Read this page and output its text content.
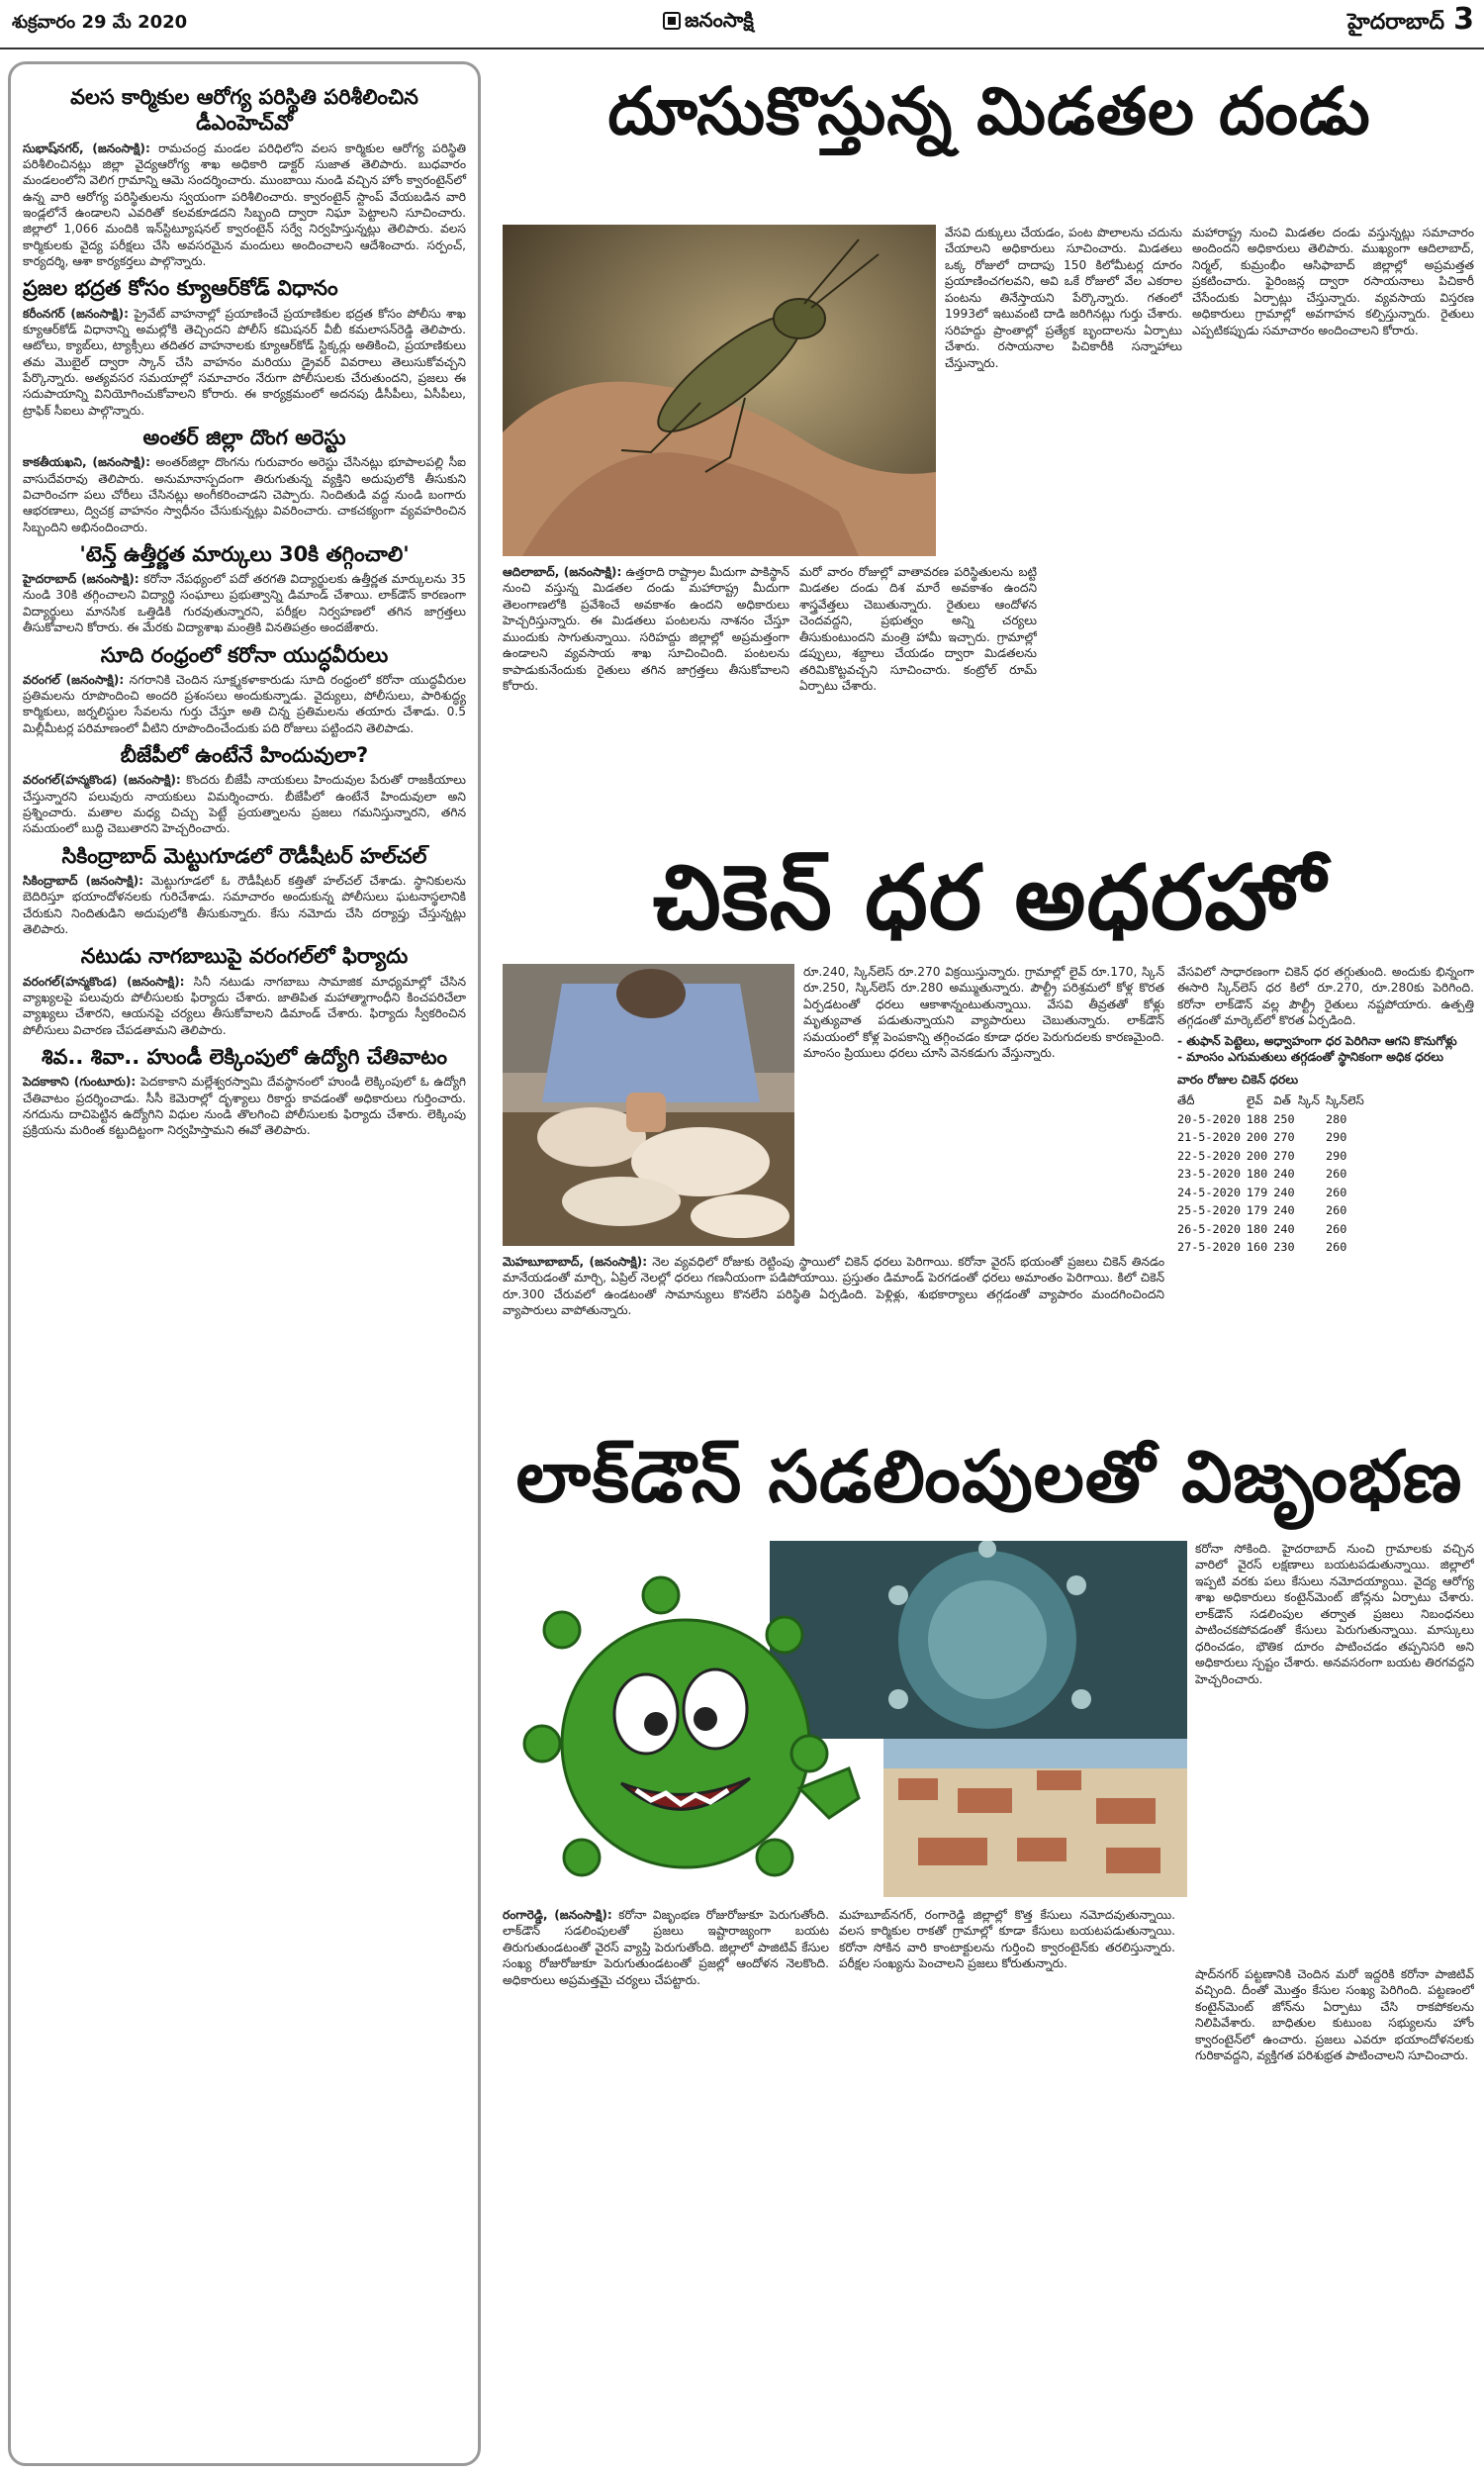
శుక్రవారం 29 మే 2020	జనంసాక్షి	హైదరాబాద్ 3
వలస కార్మికుల ఆరోగ్య పరిస్థితి పరిశీలించిన డీఎంహెచ్‌వో
సుభాష్‌నగర్, (జనంసాక్షి): రామచంద్ర మండల పరిధిలోని వలస కార్మికుల ఆరోగ్య పరిస్థితి పరిశీలించినట్లు జిల్లా వైద్యఆరోగ్య శాఖ అధికారి డాక్టర్ సుజాత తెలిపారు. బుధవారం మండలంలోని వెలిగ గ్రామాన్ని ఆమె సందర్శించారు. ముంబాయి నుండి వచ్చిన హోం క్వారంటైన్‌లో ఉన్న వారి ఆరోగ్య పరిస్థితులను స్వయంగా పరిశీలించారు. క్వారంటైన్ స్టాంప్ వేయబడిన వారి ఇండ్లలోనే ఉండాలని ఎవరితో కలవకూడదని సిబ్బంది ద్వారా నిఘా పెట్టాలని సూచించారు. జిల్లాలో 1,066 మందికి ఇన్‌స్టిట్యూషనల్ క్వారంటైన్ సర్వే నిర్వహిస్తున్నట్లు తెలిపారు. వలస కార్మికులకు వైద్య పరీక్షలు చేసి అవసరమైన మందులు అందించాలని ఆదేశించారు. సర్పంచ్, కార్యదర్శి, ఆశా కార్యకర్తలు పాల్గొన్నారు.
ప్రజల భద్రత కోసం క్యూఆర్‌కోడ్ విధానం
కరీంనగర్ (జనంసాక్షి): ప్రైవేట్ వాహనాల్లో ప్రయాణించే ప్రయాణికుల భద్రత కోసం పోలీసు శాఖ క్యూఆర్‌కోడ్ విధానాన్ని అమల్లోకి తెచ్చిందని పోలీస్ కమిషనర్ వీబీ కమలాసన్‌రెడ్డి తెలిపారు. ఆటోలు, క్యాబ్‌లు, ట్యాక్సీలు తదితర వాహనాలకు క్యూఆర్‌కోడ్ స్టిక్కర్లు అతికించి, ప్రయాణికులు తమ మొబైల్ ద్వారా స్కాన్ చేసి వాహనం మరియు డ్రైవర్ వివరాలు తెలుసుకోవచ్చని పేర్కొన్నారు. అత్యవసర సమయాల్లో సమాచారం నేరుగా పోలీసులకు చేరుతుందని, ప్రజలు ఈ సదుపాయాన్ని వినియోగించుకోవాలని కోరారు. ఈ కార్యక్రమంలో అదనపు డీసీపీలు, ఏసీపీలు, ట్రాఫిక్ సీఐలు పాల్గొన్నారు.
అంతర్ జిల్లా దొంగ అరెస్టు
కాకతీయఖని, (జనంసాక్షి): అంతర్‌జిల్లా దొంగను గురువారం అరెస్టు చేసినట్లు భూపాలపల్లి సీఐ వాసుదేవరావు తెలిపారు. అనుమానాస్పదంగా తిరుగుతున్న వ్యక్తిని అదుపులోకి తీసుకుని విచారించగా పలు చోరీలు చేసినట్లు అంగీకరించాడని చెప్పారు. నిందితుడి వద్ద నుండి బంగారు ఆభరణాలు, ద్విచక్ర వాహనం స్వాధీనం చేసుకున్నట్లు వివరించారు. చాకచక్యంగా వ్యవహరించిన సిబ్బందిని అభినందించారు.
'టెన్త్ ఉత్తీర్ణత మార్కులు 30కి తగ్గించాలి'
హైదరాబాద్ (జనంసాక్షి): కరోనా నేపథ్యంలో పదో తరగతి విద్యార్థులకు ఉత్తీర్ణత మార్కులను 35 నుండి 30కి తగ్గించాలని విద్యార్థి సంఘాలు ప్రభుత్వాన్ని డిమాండ్ చేశాయి. లాక్‌డౌన్ కారణంగా విద్యార్థులు మానసిక ఒత్తిడికి గురవుతున్నారని, పరీక్షల నిర్వహణలో తగిన జాగ్రత్తలు తీసుకోవాలని కోరారు. ఈ మేరకు విద్యాశాఖ మంత్రికి వినతిపత్రం అందజేశారు.
సూది రంధ్రంలో కరోనా యుద్ధవీరులు
వరంగల్ (జనంసాక్షి): నగరానికి చెందిన సూక్ష్మకళాకారుడు సూది రంధ్రంలో కరోనా యుద్ధవీరుల ప్రతిమలను రూపొందించి అందరి ప్రశంసలు అందుకున్నాడు. వైద్యులు, పోలీసులు, పారిశుద్ధ్య కార్మికులు, జర్నలిస్టుల సేవలను గుర్తు చేస్తూ అతి చిన్న ప్రతిమలను తయారు చేశాడు. 0.5 మిల్లీమీటర్ల పరిమాణంలో వీటిని రూపొందించేందుకు పది రోజులు పట్టిందని తెలిపాడు.
బీజేపీలో ఉంటేనే హిందువులా?
వరంగల్(హన్మకొండ) (జనంసాక్షి): కొందరు బీజేపీ నాయకులు హిందువుల పేరుతో రాజకీయాలు చేస్తున్నారని పలువురు నాయకులు విమర్శించారు. బీజేపీలో ఉంటేనే హిందువులా అని ప్రశ్నించారు. మతాల మధ్య చిచ్చు పెట్టే ప్రయత్నాలను ప్రజలు గమనిస్తున్నారని, తగిన సమయంలో బుద్ధి చెబుతారని హెచ్చరించారు.
సికింద్రాబాద్ మెట్టుగూడలో రౌడీషీటర్ హల్‌చల్
సికింద్రాబాద్ (జనంసాక్షి): మెట్టుగూడలో ఓ రౌడీషీటర్ కత్తితో హల్‌చల్ చేశాడు. స్థానికులను బెదిరిస్తూ భయాందోళనలకు గురిచేశాడు. సమాచారం అందుకున్న పోలీసులు ఘటనాస్థలానికి చేరుకుని నిందితుడిని అదుపులోకి తీసుకున్నారు. కేసు నమోదు చేసి దర్యాప్తు చేస్తున్నట్లు తెలిపారు.
నటుడు నాగబాబుపై వరంగల్‌లో ఫిర్యాదు
వరంగల్(హన్మకొండ) (జనంసాక్షి): సినీ నటుడు నాగబాబు సామాజిక మాధ్యమాల్లో చేసిన వ్యాఖ్యలపై పలువురు పోలీసులకు ఫిర్యాదు చేశారు. జాతిపిత మహాత్మాగాంధీని కించపరిచేలా వ్యాఖ్యలు చేశారని, ఆయనపై చర్యలు తీసుకోవాలని డిమాండ్ చేశారు. ఫిర్యాదు స్వీకరించిన పోలీసులు విచారణ చేపడతామని తెలిపారు.
శివ.. శివా.. హుండీ లెక్కింపులో ఉద్యోగి చేతివాటం
పెదకాకాని (గుంటూరు): పెదకాకాని మల్లేశ్వరస్వామి దేవస్థానంలో హుండీ లెక్కింపులో ఓ ఉద్యోగి చేతివాటం ప్రదర్శించాడు. సీసీ కెమెరాల్లో దృశ్యాలు రికార్డు కావడంతో అధికారులు గుర్తించారు. నగదును దాచిపెట్టిన ఉద్యోగిని విధుల నుండి తొలగించి పోలీసులకు ఫిర్యాదు చేశారు. లెక్కింపు ప్రక్రియను మరింత కట్టుదిట్టంగా నిర్వహిస్తామని ఈవో తెలిపారు.
దూసుకొస్తున్న మిడతల దండు
ఆదిలాబాద్, (జనంసాక్షి): ఉత్తరాది రాష్ట్రాల మీదుగా పాకిస్థాన్ నుంచి వస్తున్న మిడతల దండు మహారాష్ట్ర మీదుగా తెలంగాణలోకి ప్రవేశించే అవకాశం ఉందని అధికారులు హెచ్చరిస్తున్నారు. ఈ మిడతలు పంటలను నాశనం చేస్తూ ముందుకు సాగుతున్నాయి. సరిహద్దు జిల్లాల్లో అప్రమత్తంగా ఉండాలని వ్యవసాయ శాఖ సూచించింది. పంటలను కాపాడుకునేందుకు రైతులు తగిన జాగ్రత్తలు తీసుకోవాలని కోరారు.
మరో వారం రోజుల్లో వాతావరణ పరిస్థితులను బట్టి మిడతల దండు దిశ మారే అవకాశం ఉందని శాస్త్రవేత్తలు చెబుతున్నారు. రైతులు ఆందోళన చెందవద్దని, ప్రభుత్వం అన్ని చర్యలు తీసుకుంటుందని మంత్రి హామీ ఇచ్చారు. గ్రామాల్లో డప్పులు, శబ్దాలు చేయడం ద్వారా మిడతలను తరిమికొట్టవచ్చని సూచించారు. కంట్రోల్ రూమ్ ఏర్పాటు చేశారు.
వేసవి దుక్కులు చేయడం, పంట పొలాలను చదును చేయాలని అధికారులు సూచించారు. మిడతలు ఒక్క రోజులో దాదాపు 150 కిలోమీటర్ల దూరం ప్రయాణించగలవని, అవి ఒకే రోజులో వేల ఎకరాల పంటను తినేస్తాయని పేర్కొన్నారు. గతంలో 1993లో ఇటువంటి దాడి జరిగినట్లు గుర్తు చేశారు. సరిహద్దు ప్రాంతాల్లో ప్రత్యేక బృందాలను ఏర్పాటు చేశారు. రసాయనాల పిచికారీకి సన్నాహాలు చేస్తున్నారు.
మహారాష్ట్ర నుంచి మిడతల దండు వస్తున్నట్లు సమాచారం అందిందని అధికారులు తెలిపారు. ముఖ్యంగా ఆదిలాబాద్, నిర్మల్, కుమ్రంభీం ఆసిఫాబాద్ జిల్లాల్లో అప్రమత్తత ప్రకటించారు. ఫైరింజన్ల ద్వారా రసాయనాలు పిచికారీ చేసేందుకు ఏర్పాట్లు చేస్తున్నారు. వ్యవసాయ విస్తరణ అధికారులు గ్రామాల్లో అవగాహన కల్పిస్తున్నారు. రైతులు ఎప్పటికప్పుడు సమాచారం అందించాలని కోరారు.
చికెన్ ధర అధరహో
రూ.240, స్కిన్‌లెస్ రూ.270 విక్రయిస్తున్నారు. గ్రామాల్లో లైవ్ రూ.170, స్కిన్ రూ.250, స్కిన్‌లెస్ రూ.280 అమ్ముతున్నారు. పౌల్ట్రీ పరిశ్రమలో కోళ్ల కొరత ఏర్పడటంతో ధరలు ఆకాశాన్నంటుతున్నాయి. వేసవి తీవ్రతతో కోళ్లు మృత్యువాత పడుతున్నాయని వ్యాపారులు చెబుతున్నారు. లాక్‌డౌన్ సమయంలో కోళ్ల పెంపకాన్ని తగ్గించడం కూడా ధరల పెరుగుదలకు కారణమైంది. మాంసం ప్రియులు ధరలు చూసి వెనకడుగు వేస్తున్నారు.
మెహబూబాబాద్, (జనంసాక్షి): నెల వ్యవధిలో రోజుకు రెట్టింపు స్థాయిలో చికెన్ ధరలు పెరిగాయి. కరోనా వైరస్ భయంతో ప్రజలు చికెన్ తినడం మానేయడంతో మార్చి, ఏప్రిల్ నెలల్లో ధరలు గణనీయంగా పడిపోయాయి. ప్రస్తుతం డిమాండ్ పెరగడంతో ధరలు అమాంతం పెరిగాయి. కిలో చికెన్ రూ.300 చేరువలో ఉండటంతో సామాన్యులు కొనలేని పరిస్థితి ఏర్పడింది. పెళ్లిళ్లు, శుభకార్యాలు తగ్గడంతో వ్యాపారం మందగించిందని వ్యాపారులు వాపోతున్నారు.
వేసవిలో సాధారణంగా చికెన్ ధర తగ్గుతుంది. అందుకు భిన్నంగా ఈసారి స్కిన్‌లెస్ ధర కిలో రూ.270, రూ.280కు పెరిగింది. కరోనా లాక్‌డౌన్ వల్ల పౌల్ట్రీ రైతులు నష్టపోయారు. ఉత్పత్తి తగ్గడంతో మార్కెట్‌లో కొరత ఏర్పడింది.
- తుఫాన్ పెట్టెలు, అధ్వాహంగా ధర పెరిగినా ఆగని కొనుగోళ్లు
- మాంసం ఎగుమతులు తగ్గడంతో స్థానికంగా అధిక ధరలు
వారం రోజుల చికెన్ ధరలు
తేదీ	లైవ్	విత్ స్కిన్	స్కిన్‌లెస్
20-5-2020	188	250	280
21-5-2020	200	270	290
22-5-2020	200	270	290
23-5-2020	180	240	260
24-5-2020	179	240	260
25-5-2020	179	240	260
26-5-2020	180	240	260
27-5-2020	160	230	260
లాక్‌డౌన్ సడలింపులతో విజృంభణ
కరోనా సోకింది. హైదరాబాద్ నుంచి గ్రామాలకు వచ్చిన వారిలో వైరస్ లక్షణాలు బయటపడుతున్నాయి. జిల్లాలో ఇప్పటి వరకు పలు కేసులు నమోదయ్యాయి. వైద్య ఆరోగ్య శాఖ అధికారులు కంటైన్‌మెంట్ జోన్లను ఏర్పాటు చేశారు. లాక్‌డౌన్ సడలింపుల తర్వాత ప్రజలు నిబంధనలు పాటించకపోవడంతో కేసులు పెరుగుతున్నాయి. మాస్కులు ధరించడం, భౌతిక దూరం పాటించడం తప్పనిసరి అని అధికారులు స్పష్టం చేశారు. అనవసరంగా బయట తిరగవద్దని హెచ్చరించారు.
రంగారెడ్డి, (జనంసాక్షి): కరోనా విజృంభణ రోజురోజుకూ పెరుగుతోంది. లాక్‌డౌన్ సడలింపులతో ప్రజలు ఇష్టారాజ్యంగా బయట తిరుగుతుండటంతో వైరస్ వ్యాప్తి పెరుగుతోంది. జిల్లాలో పాజిటివ్ కేసుల సంఖ్య రోజురోజుకూ పెరుగుతుండటంతో ప్రజల్లో ఆందోళన నెలకొంది. అధికారులు అప్రమత్తమై చర్యలు చేపట్టారు.
మహబూబ్‌నగర్, రంగారెడ్డి జిల్లాల్లో కొత్త కేసులు నమోదవుతున్నాయి. వలస కార్మికుల రాకతో గ్రామాల్లో కూడా కేసులు బయటపడుతున్నాయి. కరోనా సోకిన వారి కాంటాక్టులను గుర్తించి క్వారంటైన్‌కు తరలిస్తున్నారు. పరీక్షల సంఖ్యను పెంచాలని ప్రజలు కోరుతున్నారు.
షాద్‌నగర్ పట్టణానికి చెందిన మరో ఇద్దరికి కరోనా పాజిటివ్ వచ్చింది. దీంతో మొత్తం కేసుల సంఖ్య పెరిగింది. పట్టణంలో కంటైన్‌మెంట్ జోన్‌ను ఏర్పాటు చేసి రాకపోకలను నిలిపివేశారు. బాధితుల కుటుంబ సభ్యులను హోం క్వారంటైన్‌లో ఉంచారు. ప్రజలు ఎవరూ భయాందోళనలకు గురికావద్దని, వ్యక్తిగత పరిశుభ్రత పాటించాలని సూచించారు.
